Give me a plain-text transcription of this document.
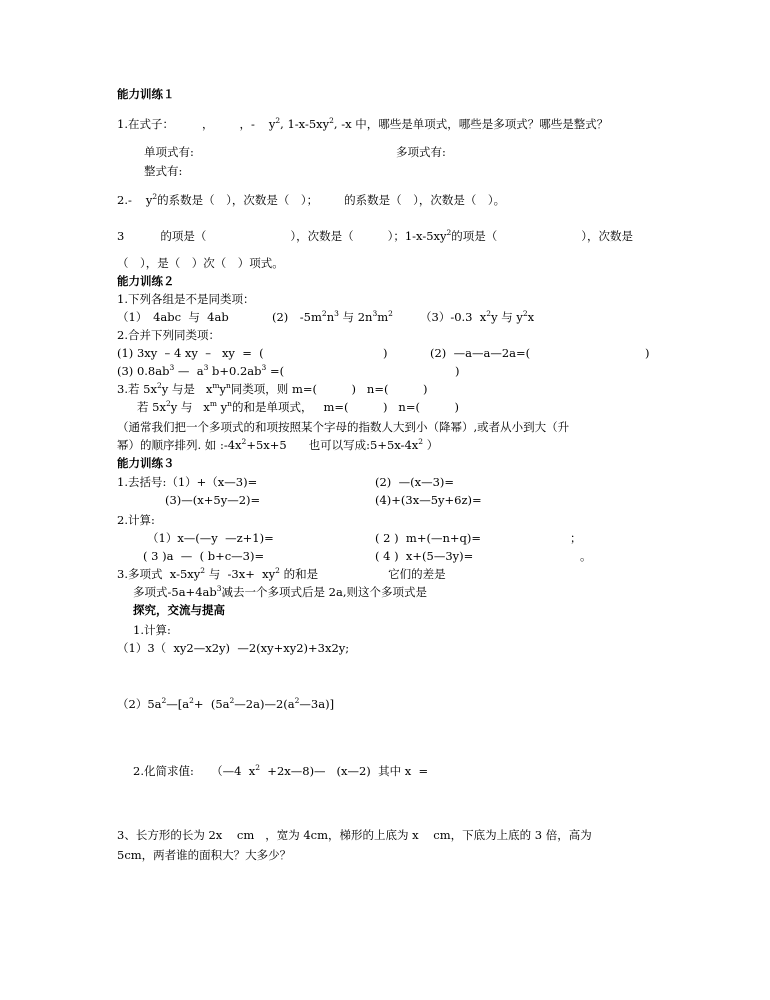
能力训练１
1.在式子： ， ，- $y^2$, $1-x-5xy^2$, -x 中，哪些是单项式，哪些是多项式？哪些是整式？
单项式有:	多项式有:
整式有:
2.- $y^2$的系数是（　），次数是（　）； 的系数是（　），次数是（　）。
3	的项是（	），次数是（	）；$1-x-5xy^2$的项是（	），次数是
（　），是（　）次（　）项式。
能力训练２
1.下列各组是不是同类项：
（1）　4abc  与  4ab	(2)　$-5m^2n^3$ 与 $2n^3m^2$ （3）-0.3  $x^2y$ 与 $y^2x$
2.合并下列同类项：
(1) 3xy  – 4 xy  –   xy  =  (	)	(2)  —a—a—2a=(	)
(3) $0.8ab^3$ —  $a^3$ $b+0.2ab^3$ =(	)
3.若 $5x^2y$ 与是   $x^my^n$同类项，则 m=(　　　)   n=(　　　)
若 $5x^2y$ 与   $x^m$ $y^n$的和是单项式，   m=(　　　)   n=(　　　)
（通常我们把一个多项式的和项按照某个字母的指数人大到小（降幂）,或者从小到大（升
幂）的顺序排列. 如 $:-4x^2+5x+5$      也可以写成$:5+5x-4x^2$ ）
能力训练３
1.去括号:（1）+（x—3)=	(2)  —(x—3)=
(3)—(x+5y—2)=	(4)+(3x—5y+6z)=
2.计算:
（1）x—(—y  —z+1)=	( 2 )  m+(—n+q)=	；
( 3 )a  —  ( b+c—3)=	( 4 )  x+(5—3y)=	。
3.多项式  $x-5xy^2$ 与  $-3x+ xy^2$ 的和是	它们的差是
多项式$-5a+4ab^3$减去一个多项式后是 2a,则这个多项式是
探究，交流与提高
1.计算:
（1）3（  xy2—x2y)  —2(xy+xy2)+3x2y;
$(2)5a^2—[a^2+$  $(5a^2—2a)—2(a^2—3a)$]
2.化简求值:　　（—4  $x^2$  +2x—8)—   (x—2)  其中 x  =
3、长方形的长为 2x    cm   ，宽为 4cm，梯形的上底为 x    cm，下底为上底的 3 倍，高为
5cm，两者谁的面积大？大多少？
